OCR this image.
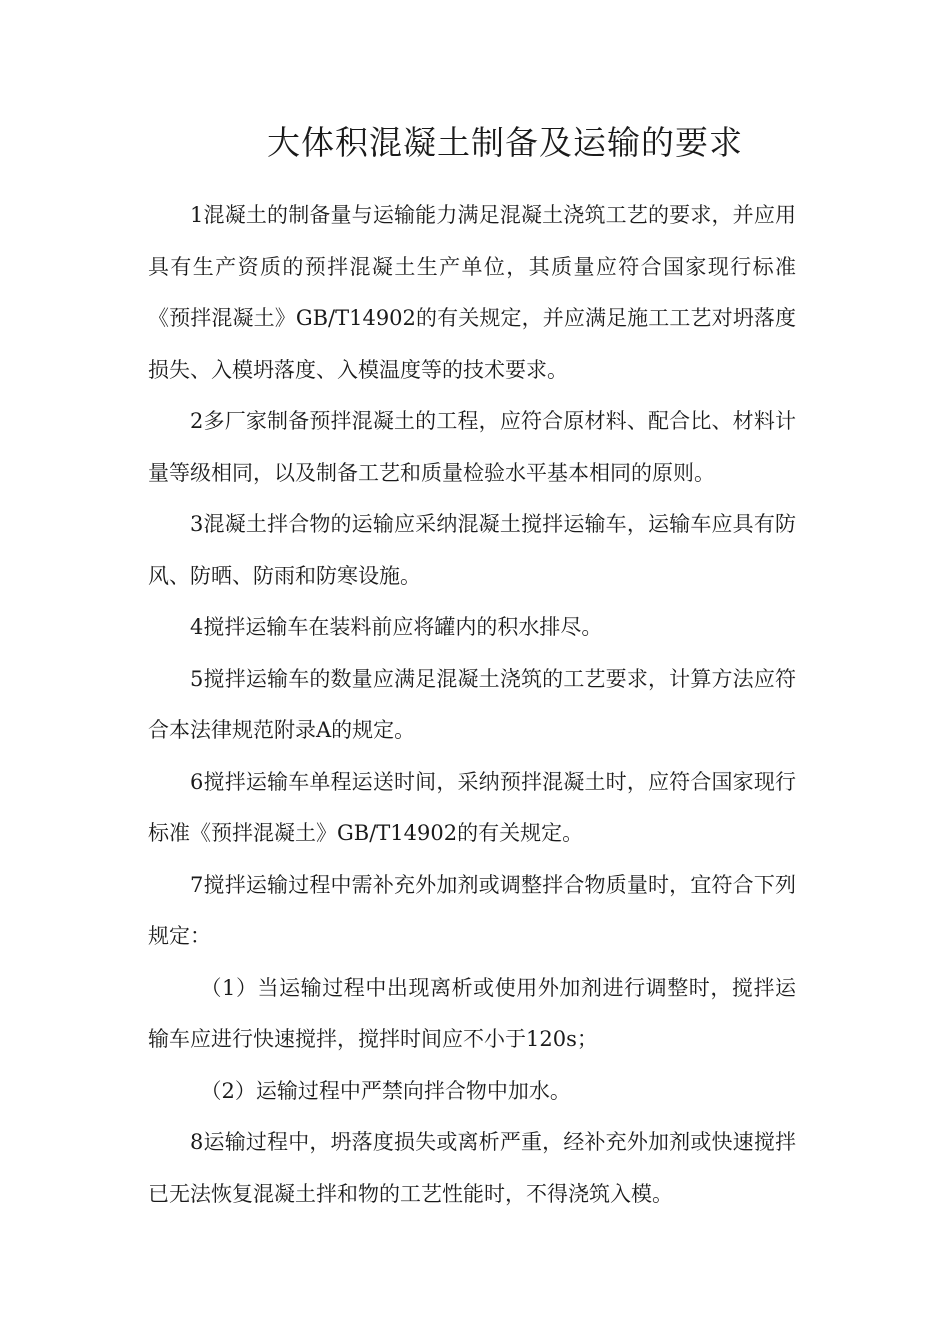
大体积混凝土制备及运输的要求

1混凝土的制备量与运输能力满足混凝土浇筑工艺的要求，并应用具有生产资质的预拌混凝土生产单位，其质量应符合国家现行标准《预拌混凝土》GB/T14902的有关规定，并应满足施工工艺对坍落度损失、入模坍落度、入模温度等的技术要求。

2多厂家制备预拌混凝土的工程，应符合原材料、配合比、材料计量等级相同，以及制备工艺和质量检验水平基本相同的原则。

3混凝土拌合物的运输应采纳混凝土搅拌运输车，运输车应具有防风、防晒、防雨和防寒设施。

4搅拌运输车在装料前应将罐内的积水排尽。

5搅拌运输车的数量应满足混凝土浇筑的工艺要求，计算方法应符合本法律规范附录A的规定。

6搅拌运输车单程运送时间，采纳预拌混凝土时，应符合国家现行标准《预拌混凝土》GB/T14902的有关规定。

7搅拌运输过程中需补充外加剂或调整拌合物质量时，宜符合下列规定：

（1）当运输过程中出现离析或使用外加剂进行调整时，搅拌运输车应进行快速搅拌，搅拌时间应不小于120s；

（2）运输过程中严禁向拌合物中加水。

8运输过程中，坍落度损失或离析严重，经补充外加剂或快速搅拌已无法恢复混凝土拌和物的工艺性能时，不得浇筑入模。
